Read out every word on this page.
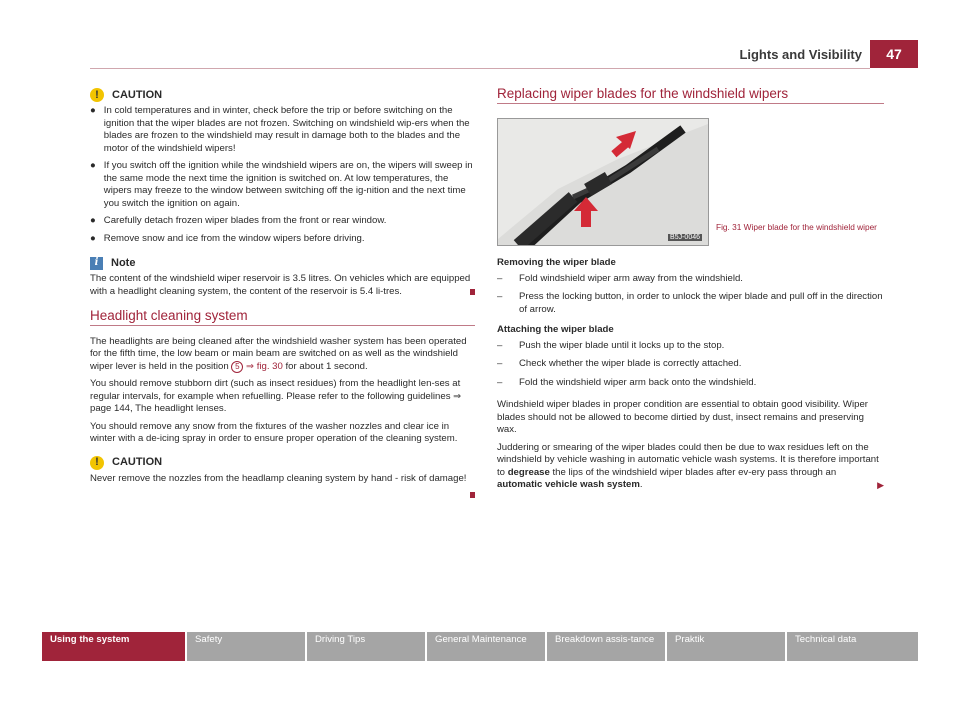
Lights and Visibility	47
!	CAUTION
● In cold temperatures and in winter, check before the trip or before switching on the ignition that the wiper blades are not frozen. Switching on windshield wip-ers when the blades are frozen to the windshield may result in damage both to the blades and the motor of the windshield wipers!
● If you switch off the ignition while the windshield wipers are on, the wipers will sweep in the same mode the next time the ignition is switched on. At low temperatures, the wipers may freeze to the window between switching off the ig-nition and the next time you switch the ignition on again.
● Carefully detach frozen wiper blades from the front or rear window.
● Remove snow and ice from the window wipers before driving.
i	Note

The content of the windshield wiper reservoir is 3.5 litres. On vehicles which are equipped with a headlight cleaning system, the content of the reservoir is 5.4 li-tres.

Headlight cleaning system

The headlights are being cleaned after the windshield washer system has been operated for the fifth time, the low beam or main beam are switched on as well as the windshield wiper lever is held in the position 5 ⇒ fig. 30 for about 1 second.

You should remove stubborn dirt (such as insect residues) from the headlight len-ses at regular intervals, for example when refuelling. Please refer to the following guidelines ⇒ page 144, The headlight lenses.

You should remove any snow from the fixtures of the washer nozzles and clear ice in winter with a de-icing spray in order to ensure proper operation of the cleaning system.

!	CAUTION

Never remove the nozzles from the headlamp cleaning system by hand - risk of damage!

Replacing wiper blades for the windshield wipers
B5J-0046
Fig. 31 Wiper blade for the windshield wiper

Removing the wiper blade

–	Fold windshield wiper arm away from the windshield.
–	Press the locking button, in order to unlock the wiper blade and pull off in the direction of arrow.

Attaching the wiper blade

–	Push the wiper blade until it locks up to the stop.
–	Check whether the wiper blade is correctly attached.
–	Fold the windshield wiper arm back onto the windshield.

Windshield wiper blades in proper condition are essential to obtain good visibility. Wiper blades should not be allowed to become dirtied by dust, insect remains and preserving wax.

Juddering or smearing of the wiper blades could then be due to wax residues left on the windshield by vehicle washing in automatic vehicle wash systems. It is therefore important to degrease the lips of the windshield wiper blades after ev-ery pass through an automatic vehicle wash system.	▶

Using the system	Safety	Driving Tips	General Maintenance	Breakdown assis-tance	Praktik	Technical data
